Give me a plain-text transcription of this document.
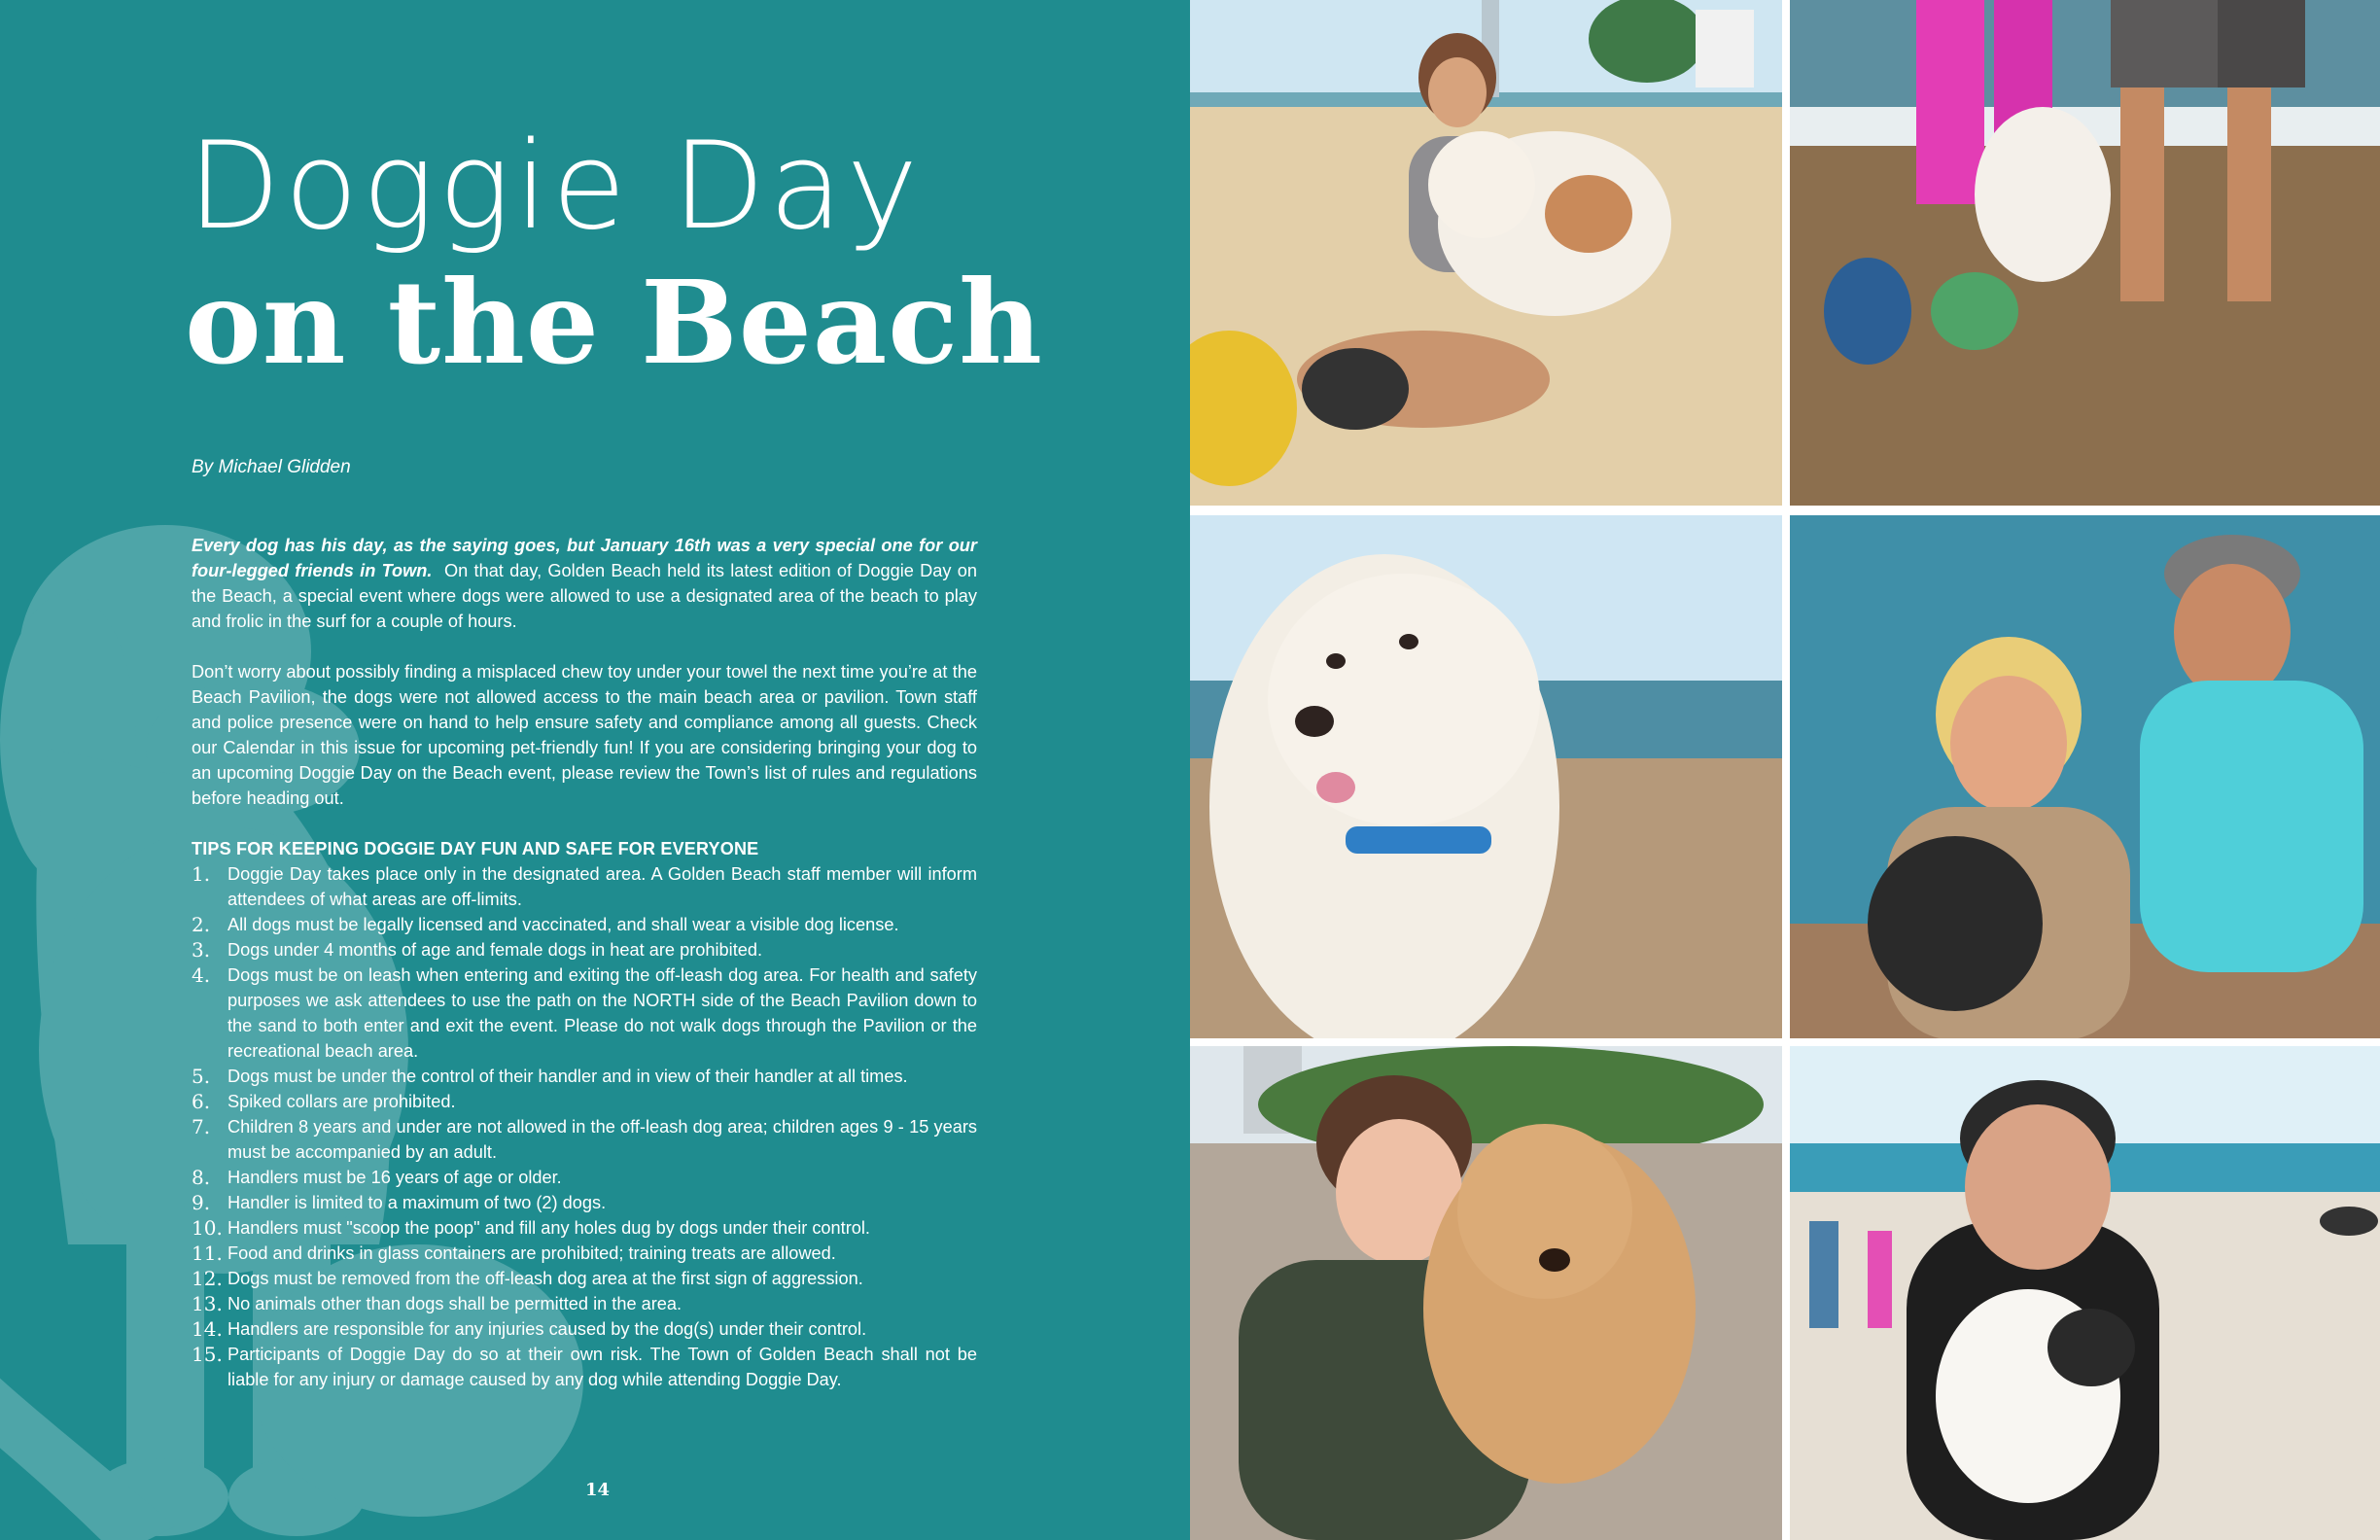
Doggie Day
on the Beach
By Michael Glidden

Every dog has his day, as the saying goes, but January 16th was a very special one for our four-legged friends in Town. On that day, Golden Beach held its latest edition of Doggie Day on the Beach, a special event where dogs were allowed to use a designated area of the beach to play and frolic in the surf for a couple of hours.

Don’t worry about possibly finding a misplaced chew toy under your towel the next time you’re at the Beach Pavilion, the dogs were not allowed access to the main beach area or pavilion. Town staff and police presence were on hand to help ensure safety and compliance among all guests. Check our Calendar in this issue for upcoming pet-friendly fun! If you are considering bringing your dog to an upcoming Doggie Day on the Beach event, please review the Town’s list of rules and regulations before heading out.

TIPS FOR KEEPING DOGGIE DAY FUN AND SAFE FOR EVERYONE
1. Doggie Day takes place only in the designated area. A Golden Beach staff member will inform attendees of what areas are off-limits.
2. All dogs must be legally licensed and vaccinated, and shall wear a visible dog license.
3. Dogs under 4 months of age and female dogs in heat are prohibited.
4. Dogs must be on leash when entering and exiting the off-leash dog area. For health and safety purposes we ask attendees to use the path on the NORTH side of the Beach Pavilion down to the sand to both enter and exit the event. Please do not walk dogs through the Pavilion or the recreational beach area.
5. Dogs must be under the control of their handler and in view of their handler at all times.
6. Spiked collars are prohibited.
7. Children 8 years and under are not allowed in the off-leash dog area; children ages 9 - 15 years must be accompanied by an adult.
8. Handlers must be 16 years of age or older.
9. Handler is limited to a maximum of two (2) dogs.
10. Handlers must "scoop the poop" and fill any holes dug by dogs under their control.
11. Food and drinks in glass containers are prohibited; training treats are allowed.
12. Dogs must be removed from the off-leash dog area at the first sign of aggression.
13. No animals other than dogs shall be permitted in the area.
14. Handlers are responsible for any injuries caused by the dog(s) under their control.
15. Participants of Doggie Day do so at their own risk. The Town of Golden Beach shall not be liable for any injury or damage caused by any dog while attending Doggie Day.
14
